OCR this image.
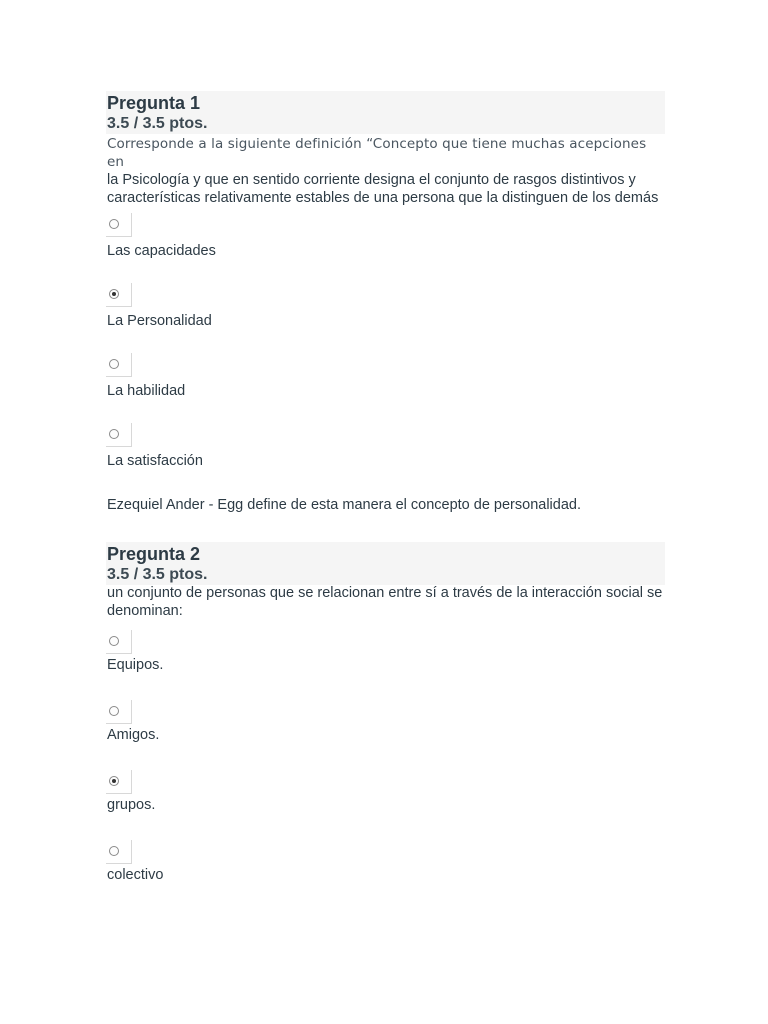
Pregunta 1
3.5 / 3.5 ptos.

Corresponde a la siguiente definición “Concepto que tiene muchas acepciones en
la Psicología y que en sentido corriente designa el conjunto de rasgos distintivos y características relativamente estables de una persona que la distinguen de los demás

Las capacidades
La Personalidad
La habilidad
La satisfacción
Ezequiel Ander - Egg define de esta manera el concepto de personalidad.
Pregunta 2
3.5 / 3.5 ptos.

un conjunto de personas que se relacionan entre sí a través de la interacción social se denominan:

Equipos.
Amigos.
grupos.
colectivo
